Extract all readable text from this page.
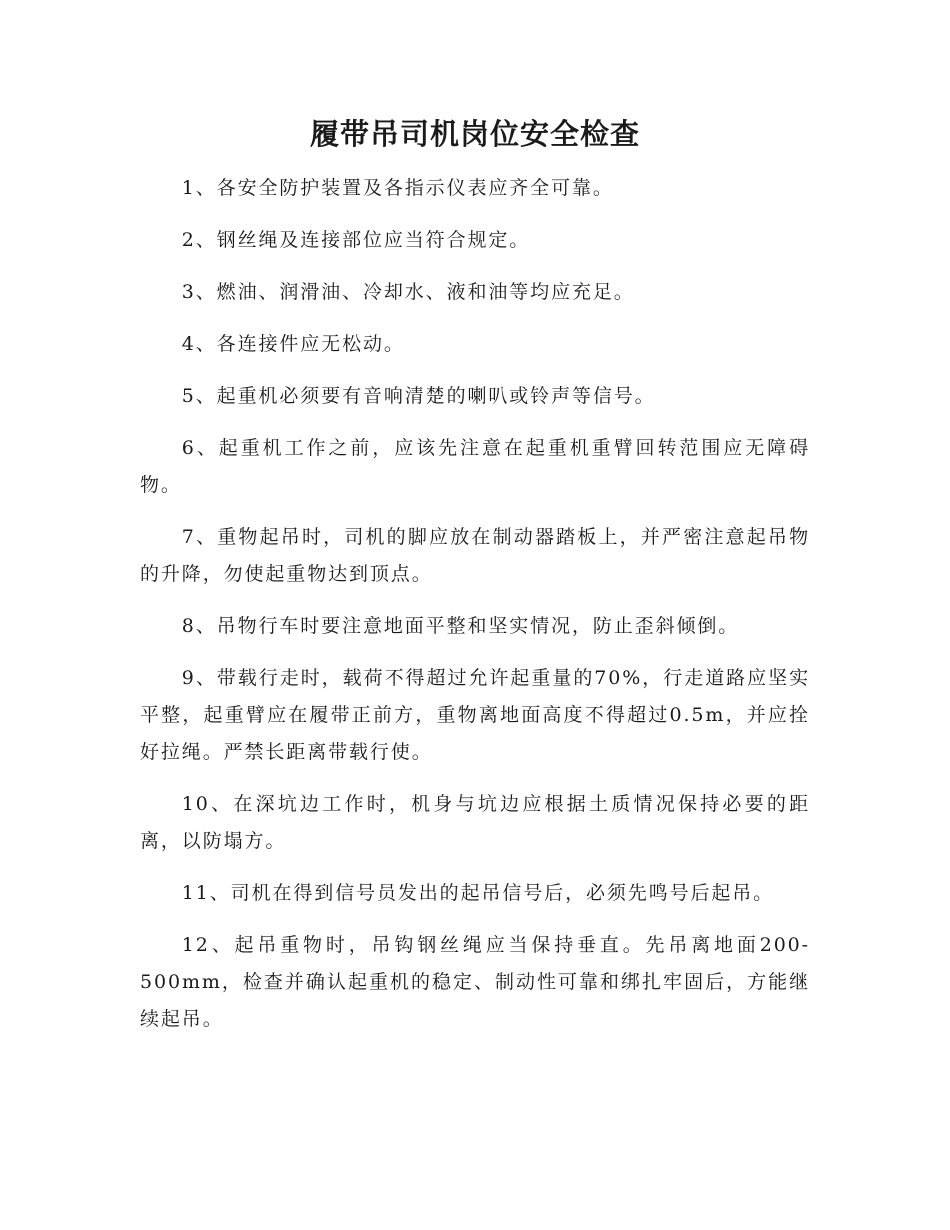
履带吊司机岗位安全检查

1、各安全防护装置及各指示仪表应齐全可靠。

2、钢丝绳及连接部位应当符合规定。

3、燃油、润滑油、冷却水、液和油等均应充足。

4、各连接件应无松动。

5、起重机必须要有音响清楚的喇叭或铃声等信号。

6、起重机工作之前，应该先注意在起重机重臂回转范围应无障碍物。

7、重物起吊时，司机的脚应放在制动器踏板上，并严密注意起吊物的升降，勿使起重物达到顶点。

8、吊物行车时要注意地面平整和坚实情况，防止歪斜倾倒。

9、带载行走时，载荷不得超过允许起重量的70%，行走道路应坚实平整，起重臂应在履带正前方，重物离地面高度不得超过0.5m，并应拴好拉绳。严禁长距离带载行使。

10、在深坑边工作时，机身与坑边应根据土质情况保持必要的距离，以防塌方。

11、司机在得到信号员发出的起吊信号后，必须先鸣号后起吊。

12、起吊重物时，吊钩钢丝绳应当保持垂直。先吊离地面200-500mm，检查并确认起重机的稳定、制动性可靠和绑扎牢固后，方能继续起吊。
